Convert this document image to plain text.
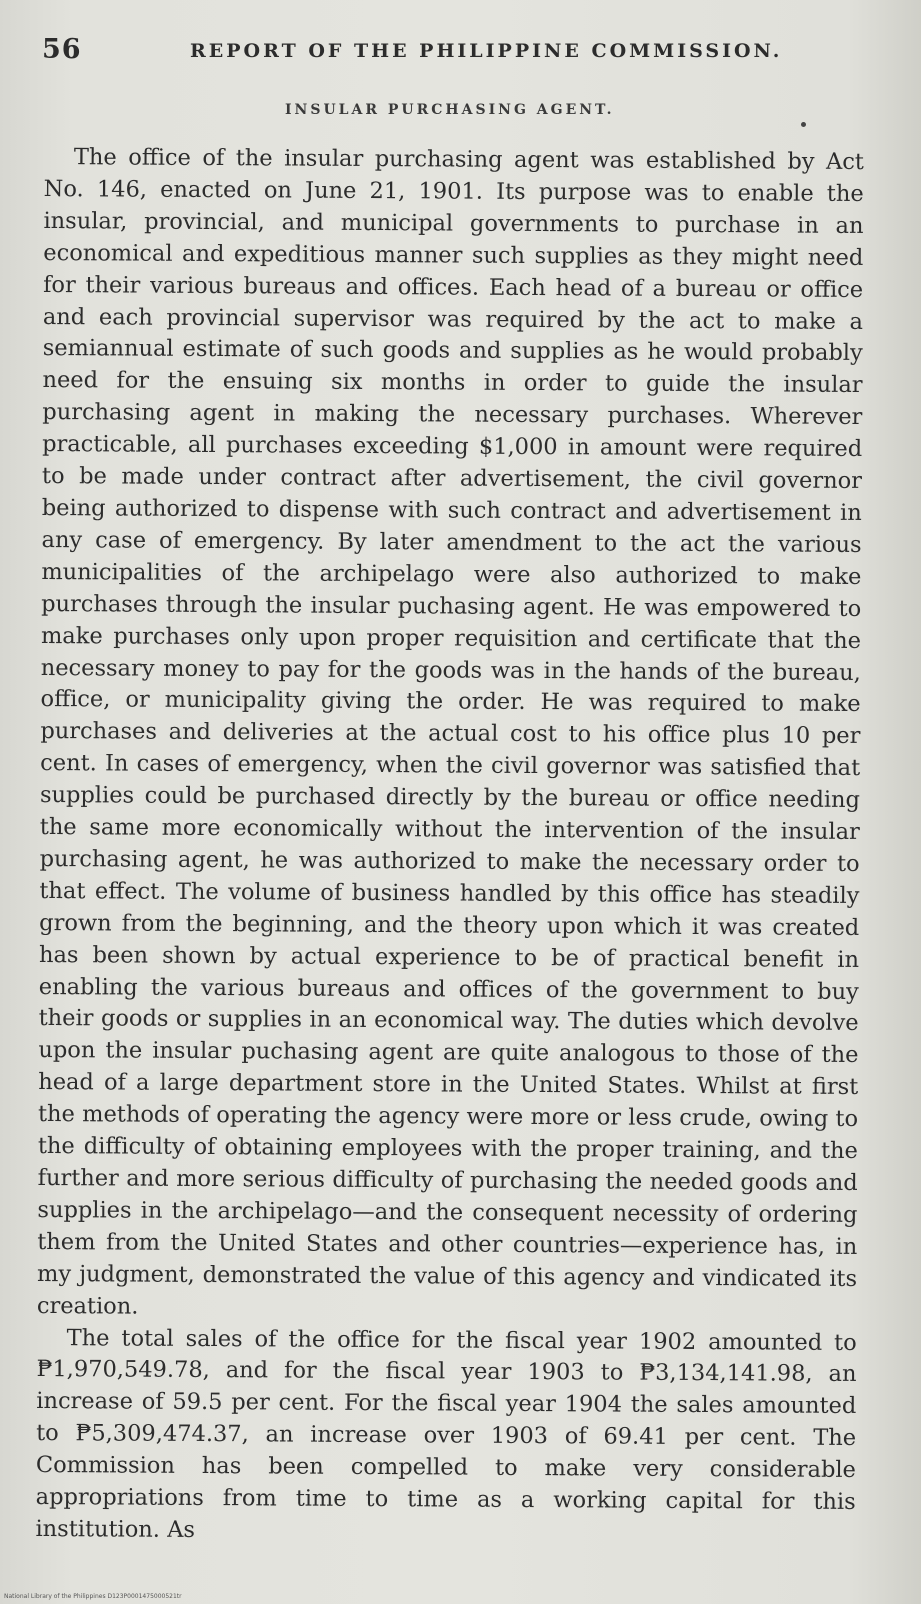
56	REPORT OF THE PHILIPPINE COMMISSION.
INSULAR PURCHASING AGENT.

The office of the insular purchasing agent was established by Act No. 146, enacted on June 21, 1901. Its purpose was to enable the insular, provincial, and municipal governments to purchase in an economical and expeditious manner such supplies as they might need for their various bureaus and offices. Each head of a bureau or office and each provincial supervisor was required by the act to make a semiannual estimate of such goods and supplies as he would probably need for the ensuing six months in order to guide the insular purchasing agent in making the necessary purchases. Wherever practicable, all purchases exceeding $1,000 in amount were required to be made under contract after advertisement, the civil governor being authorized to dispense with such contract and advertisement in any case of emergency. By later amendment to the act the various municipalities of the archipelago were also authorized to make purchases through the insular puchasing agent. He was empowered to make purchases only upon proper requisition and certificate that the necessary money to pay for the goods was in the hands of the bureau, office, or municipality giving the order. He was required to make purchases and deliveries at the actual cost to his office plus 10 per cent. In cases of emergency, when the civil governor was satisfied that supplies could be purchased directly by the bureau or office needing the same more economically without the intervention of the insular purchasing agent, he was authorized to make the necessary order to that effect. The volume of business handled by this office has steadily grown from the beginning, and the theory upon which it was created has been shown by actual experience to be of practical benefit in enabling the various bureaus and offices of the government to buy their goods or supplies in an economical way. The duties which devolve upon the insular puchasing agent are quite analogous to those of the head of a large department store in the United States. Whilst at first the methods of operating the agency were more or less crude, owing to the difficulty of obtaining employees with the proper training, and the further and more serious difficulty of purchasing the needed goods and supplies in the archipelago—and the consequent necessity of ordering them from the United States and other countries—experience has, in my judgment, demonstrated the value of this agency and vindicated its creation.

The total sales of the office for the fiscal year 1902 amounted to ₱1,970,549.78, and for the fiscal year 1903 to ₱3,134,141.98, an increase of 59.5 per cent. For the fiscal year 1904 the sales amounted to ₱5,309,474.37, an increase over 1903 of 69.41 per cent. The Commission has been compelled to make very considerable appropriations from time to time as a working capital for this institution. As

National Library of the Philippines D123P0001475000521tr
